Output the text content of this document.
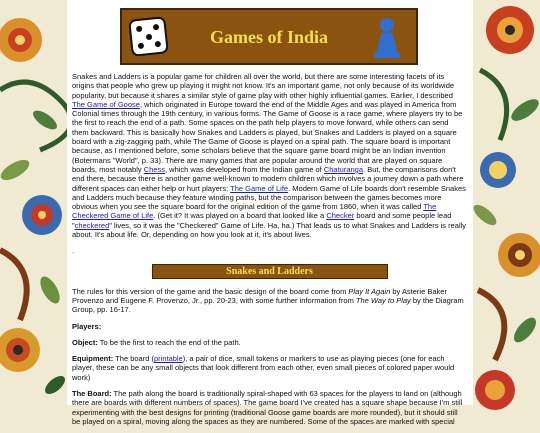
Games of India

Snakes and Ladders is a popular game for children all over the world, but there are some interesting facets of its origins that people who grew up playing it might not know. It's an important game, not only because of its worldwide popularity, but because it shares a similar style of game play with other highly influential games. Earlier, I described The Game of Goose, which originated in Europe toward the end of the Middle Ages and was played in America from Colonial times through the 19th century, in various forms. The Game of Goose is a race game, where players try to be the first to reach the end of a path. Some spaces on the path help players to move forward, while others can send them backward. This is basically how Snakes and Ladders is played, but Snakes and Ladders is played on a square board with a zig-zagging path, while The Game of Goose is played on a spiral path. The square board is important because, as I mentioned before, some scholars believe that the square game board might be an Indian invention (Botermans "World", p. 33). There are many games that are popular around the world that are played on square boards, most notably Chess, which was developed from the Indian game of Chaturanga. But, the comparisons don't end there, because there is another game well-known to modern children which involves a journey down a path where different spaces can either help or hurt players: The Game of Life. Modern Game of Life boards don't resemble Snakes and Ladders much because they feature winding paths, but the comparison between the games becomes more obvious when you see the square board for the original edition of the game from 1860, when it was called The Checkered Game of Life. (Get it? It was played on a board that looked like a Checker board and some people lead "checkered" lives, so it was the "Checkered" Game of Life. Ha, ha.) That leads us to what Snakes and Ladders is really about. It's about life. Or, depending on how you look at it, it's about lives.

.
Snakes and Ladders

The rules for this version of the game and the basic design of the board come from Play It Again by Asterie Baker Provenzo and Eugene F. Provenzo, Jr., pp. 20-23, with some further information from The Way to Play by the Diagram Group, pp. 16-17.

Players:

Object: To be the first to reach the end of the path.

Equipment: The board (printable), a pair of dice, small tokens or markers to use as playing pieces (one for each player, these can be any small objects that look different from each other, even small pieces of colored paper would work)

The Board: The path along the board is traditionally spiral-shaped with 63 spaces for the players to land on (although there are boards with different numbers of spaces). The game board I've created has a square shape because I'm still experimenting with the best designs for printing (traditional Goose game boards are more rounded), but it should still be played on a spiral, moving along the spaces as they are numbered. Some of the spaces are marked with special
